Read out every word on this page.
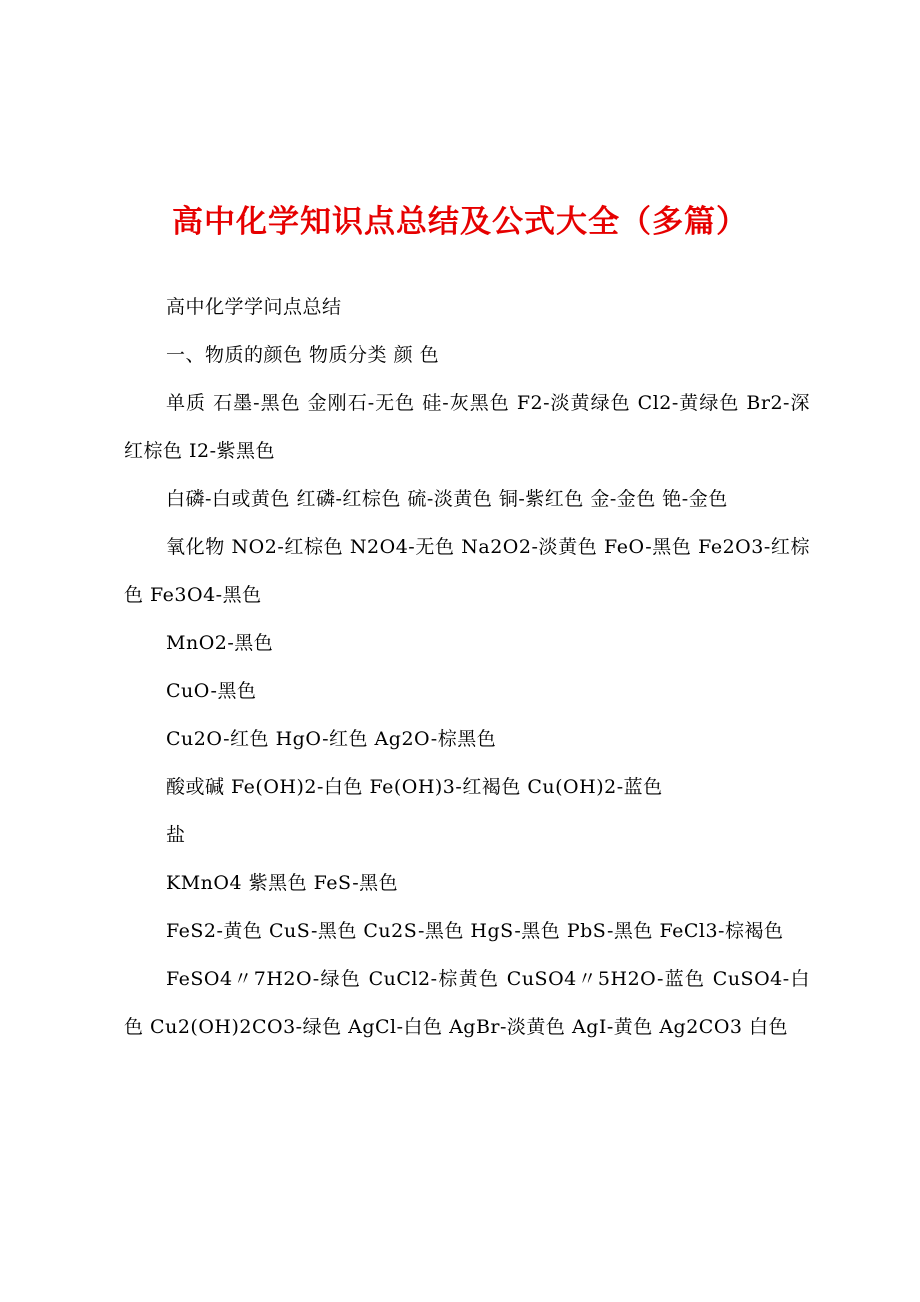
高中化学知识点总结及公式大全（多篇）

高中化学学问点总结

一、物质的颜色 物质分类 颜 色

单质 石墨-黑色 金刚石-无色 硅-灰黑色 F2-淡黄绿色 Cl2-黄绿色 Br2-深红棕色 I2-紫黑色

白磷-白或黄色 红磷-红棕色 硫-淡黄色 铜-紫红色 金-金色 铯-金色

氧化物 NO2-红棕色 N2O4-无色 Na2O2-淡黄色 FeO-黑色 Fe2O3-红棕色 Fe3O4-黑色

MnO2-黑色

CuO-黑色

Cu2O-红色 HgO-红色 Ag2O-棕黑色

酸或碱 Fe(OH)2-白色 Fe(OH)3-红褐色 Cu(OH)2-蓝色

盐

KMnO4 紫黑色 FeS-黑色

FeS2-黄色 CuS-黑色 Cu2S-黑色 HgS-黑色 PbS-黑色 FeCl3-棕褐色

FeSO4〃7H2O-绿色 CuCl2-棕黄色 CuSO4〃5H2O-蓝色 CuSO4-白色 Cu2(OH)2CO3-绿色 AgCl-白色 AgBr-淡黄色 AgI-黄色 Ag2CO3 白色
